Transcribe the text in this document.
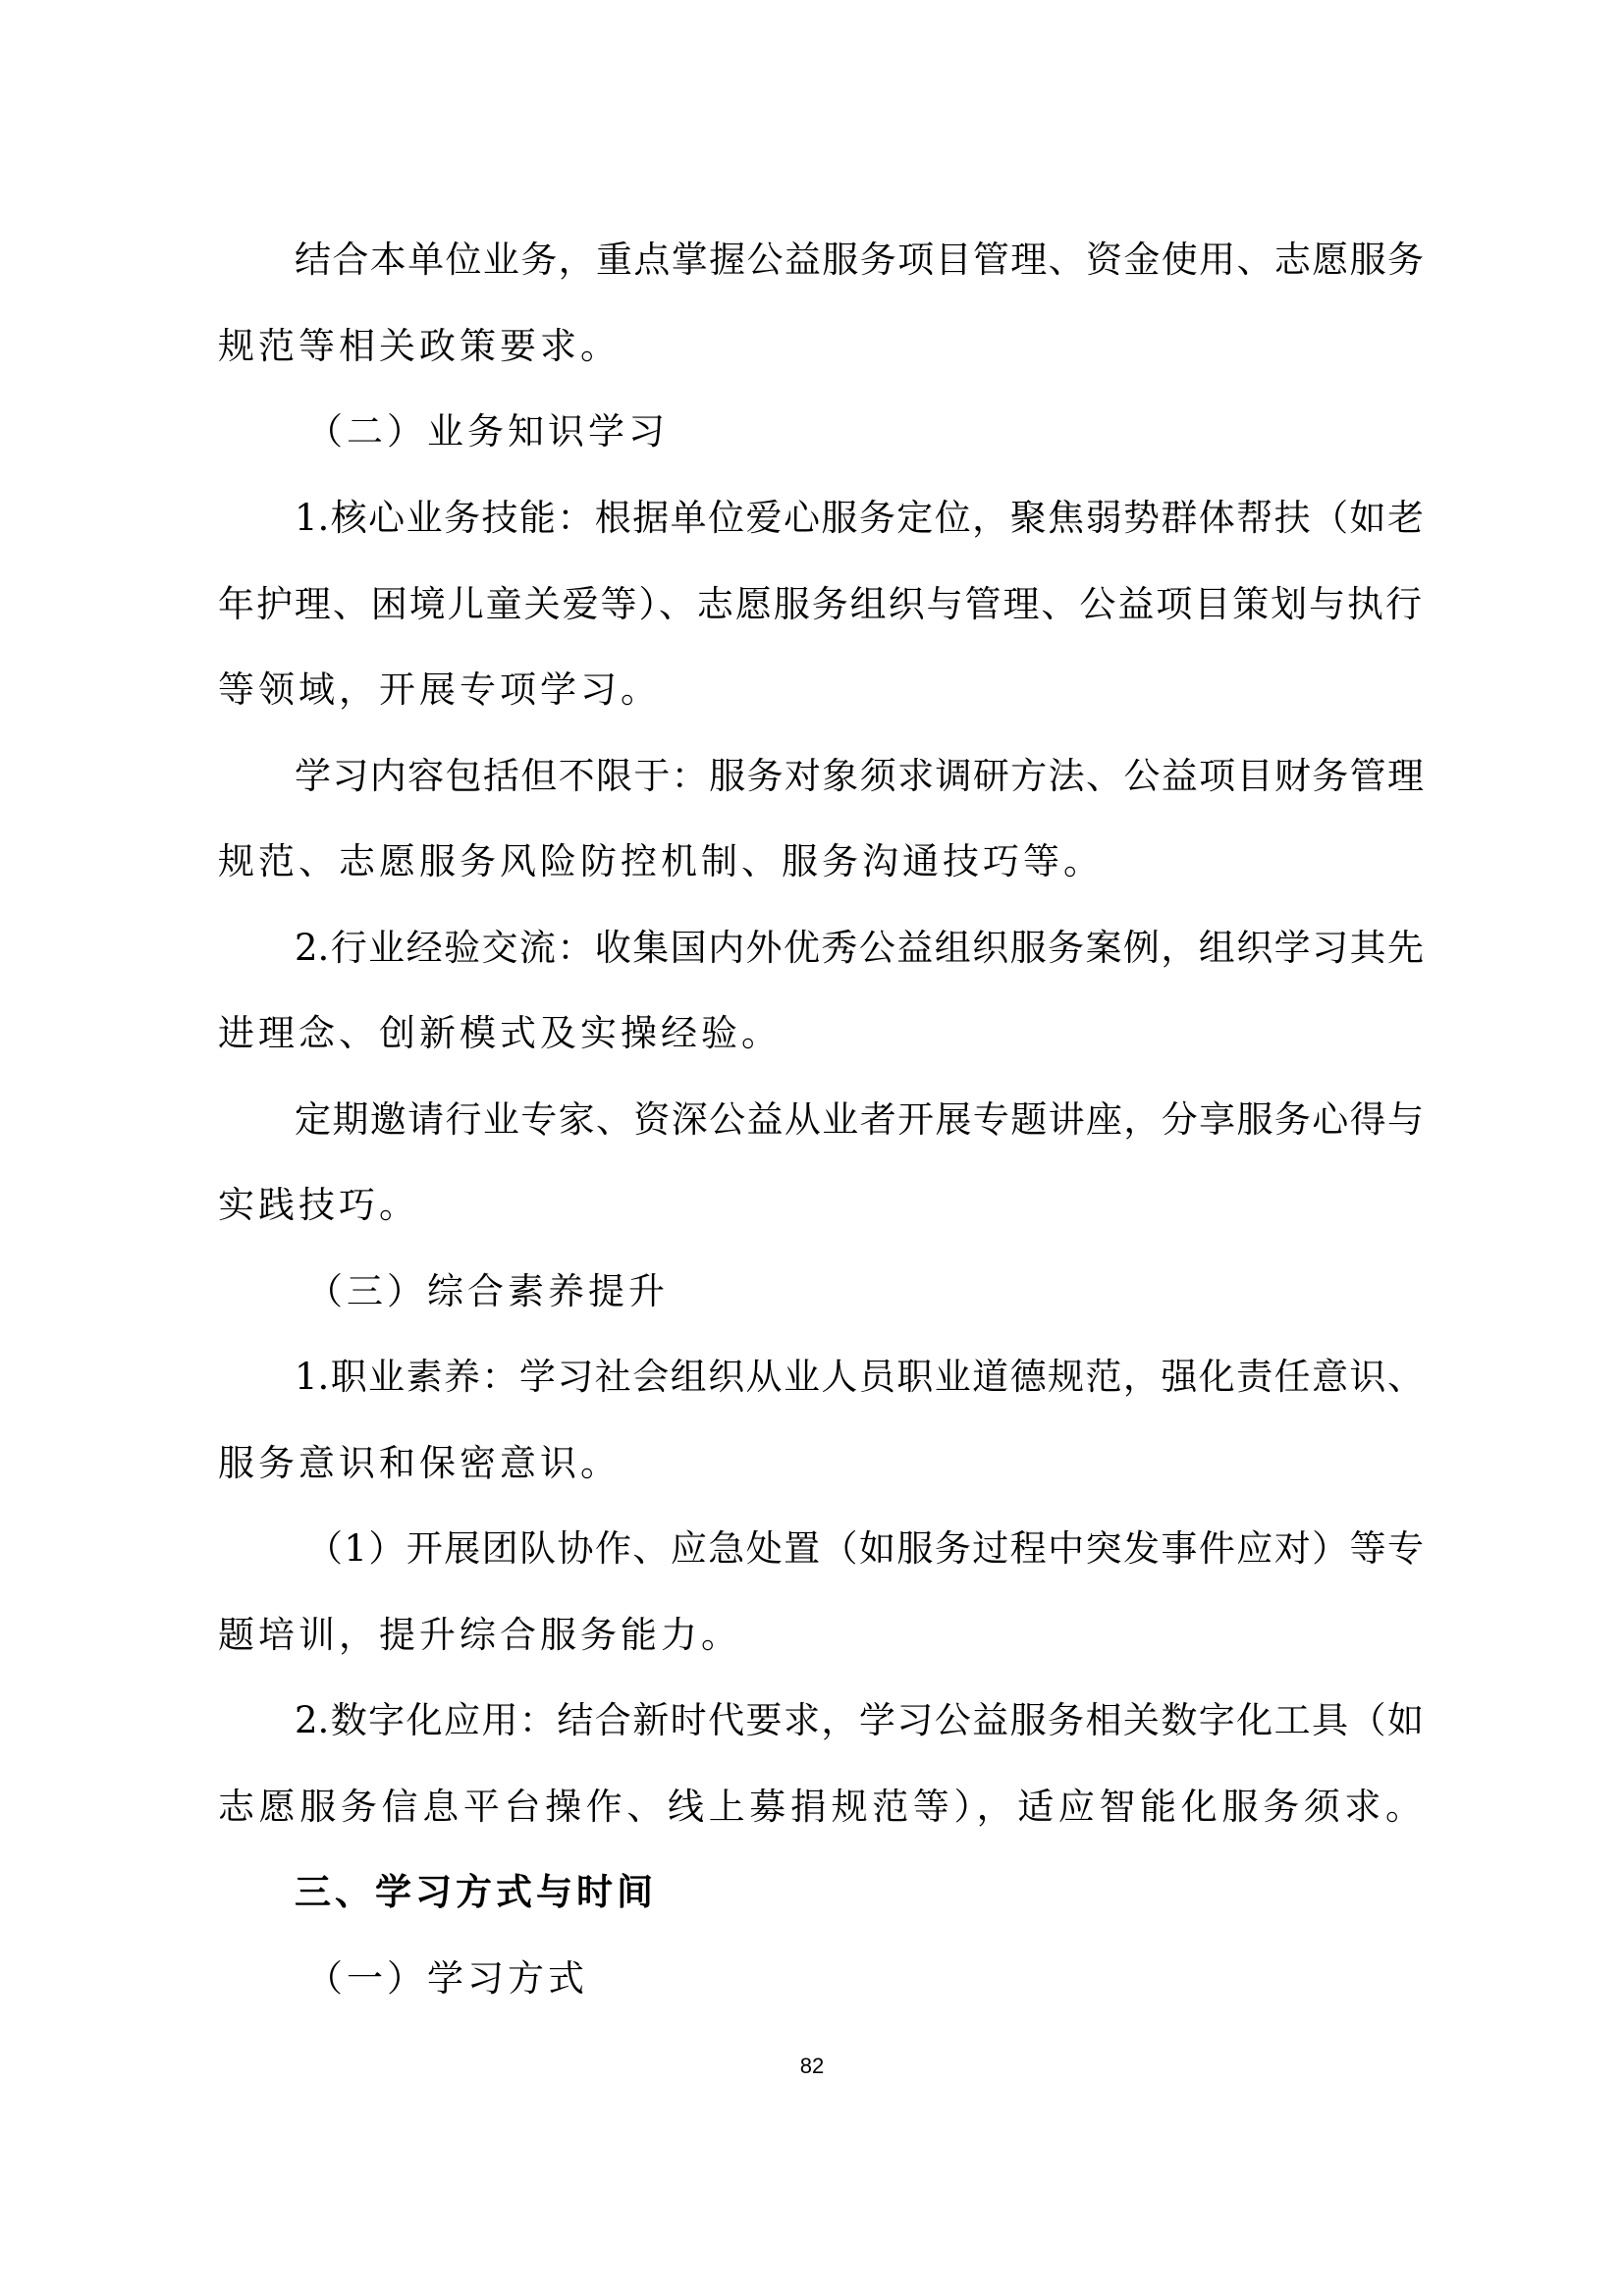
结合本单位业务，重点掌握公益服务项目管理、资金使用、志愿服务
规范等相关政策要求。
（二）业务知识学习
1.核心业务技能：根据单位爱心服务定位，聚焦弱势群体帮扶（如老
年护理、困境儿童关爱等）、志愿服务组织与管理、公益项目策划与执行
等领域，开展专项学习。
学习内容包括但不限于：服务对象须求调研方法、公益项目财务管理
规范、志愿服务风险防控机制、服务沟通技巧等。
2.行业经验交流：收集国内外优秀公益组织服务案例，组织学习其先
进理念、创新模式及实操经验。
定期邀请行业专家、资深公益从业者开展专题讲座，分享服务心得与
实践技巧。
（三）综合素养提升
1.职业素养：学习社会组织从业人员职业道德规范，强化责任意识、
服务意识和保密意识。
（1）开展团队协作、应急处置（如服务过程中突发事件应对）等专
题培训，提升综合服务能力。
2.数字化应用：结合新时代要求，学习公益服务相关数字化工具（如
志愿服务信息平台操作、线上募捐规范等），适应智能化服务须求。
三、学习方式与时间
（一）学习方式
82
